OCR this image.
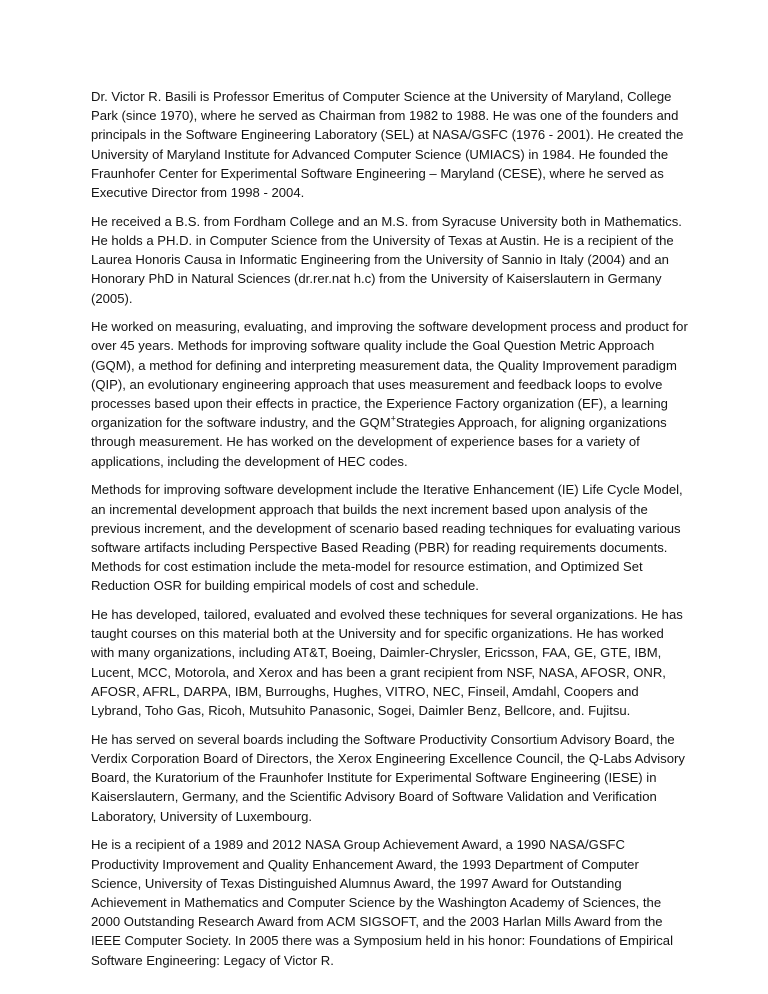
Dr. Victor R. Basili is Professor Emeritus of Computer Science at the University of Maryland, College Park (since 1970), where he served as Chairman from 1982 to 1988. He was one of the founders and principals in the Software Engineering Laboratory (SEL) at NASA/GSFC (1976 - 2001). He created the University of Maryland Institute for Advanced Computer Science (UMIACS) in 1984. He founded the Fraunhofer Center for Experimental Software Engineering – Maryland (CESE), where he served as Executive Director from 1998 - 2004.

He received a B.S. from Fordham College and an M.S. from Syracuse University both in Mathematics. He holds a PH.D. in Computer Science from the University of Texas at Austin. He is a recipient of the Laurea Honoris Causa in Informatic Engineering from the University of Sannio in Italy (2004) and an Honorary PhD in Natural Sciences (dr.rer.nat h.c) from the University of Kaiserslautern in Germany (2005).

He worked on measuring, evaluating, and improving the software development process and product for over 45 years. Methods for improving software quality include the Goal Question Metric Approach (GQM), a method for defining and interpreting measurement data, the Quality Improvement paradigm (QIP), an evolutionary engineering approach that uses measurement and feedback loops to evolve processes based upon their effects in practice, the Experience Factory organization (EF), a learning organization for the software industry, and the GQM+Strategies Approach, for aligning organizations through measurement. He has worked on the development of experience bases for a variety of applications, including the development of HEC codes.

Methods for improving software development include the Iterative Enhancement (IE) Life Cycle Model, an incremental development approach that builds the next increment based upon analysis of the previous increment, and the development of scenario based reading techniques for evaluating various software artifacts including Perspective Based Reading (PBR) for reading requirements documents. Methods for cost estimation include the meta-model for resource estimation, and Optimized Set Reduction OSR for building empirical models of cost and schedule.

He has developed, tailored, evaluated and evolved these techniques for several organizations. He has taught courses on this material both at the University and for specific organizations. He has worked with many organizations, including AT&T, Boeing, Daimler-Chrysler, Ericsson, FAA, GE, GTE, IBM, Lucent, MCC, Motorola, and Xerox and has been a grant recipient from NSF, NASA, AFOSR, ONR, AFOSR, AFRL, DARPA, IBM, Burroughs, Hughes, VITRO, NEC, Finseil, Amdahl, Coopers and Lybrand, Toho Gas, Ricoh, Mutsuhito Panasonic, Sogei, Daimler Benz, Bellcore, and. Fujitsu.

He has served on several boards including the Software Productivity Consortium Advisory Board, the Verdix Corporation Board of Directors, the Xerox Engineering Excellence Council, the Q-Labs Advisory Board, the Kuratorium of the Fraunhofer Institute for Experimental Software Engineering (IESE) in Kaiserslautern, Germany, and the Scientific Advisory Board of Software Validation and Verification Laboratory, University of Luxembourg.

He is a recipient of a 1989 and 2012 NASA Group Achievement Award, a 1990 NASA/GSFC Productivity Improvement and Quality Enhancement Award, the 1993 Department of Computer Science, University of Texas Distinguished Alumnus Award, the 1997 Award for Outstanding Achievement in Mathematics and Computer Science by the Washington Academy of Sciences, the 2000 Outstanding Research Award from ACM SIGSOFT, and the 2003 Harlan Mills Award from the IEEE Computer Society. In 2005 there was a Symposium held in his honor: Foundations of Empirical Software Engineering: Legacy of Victor R.
